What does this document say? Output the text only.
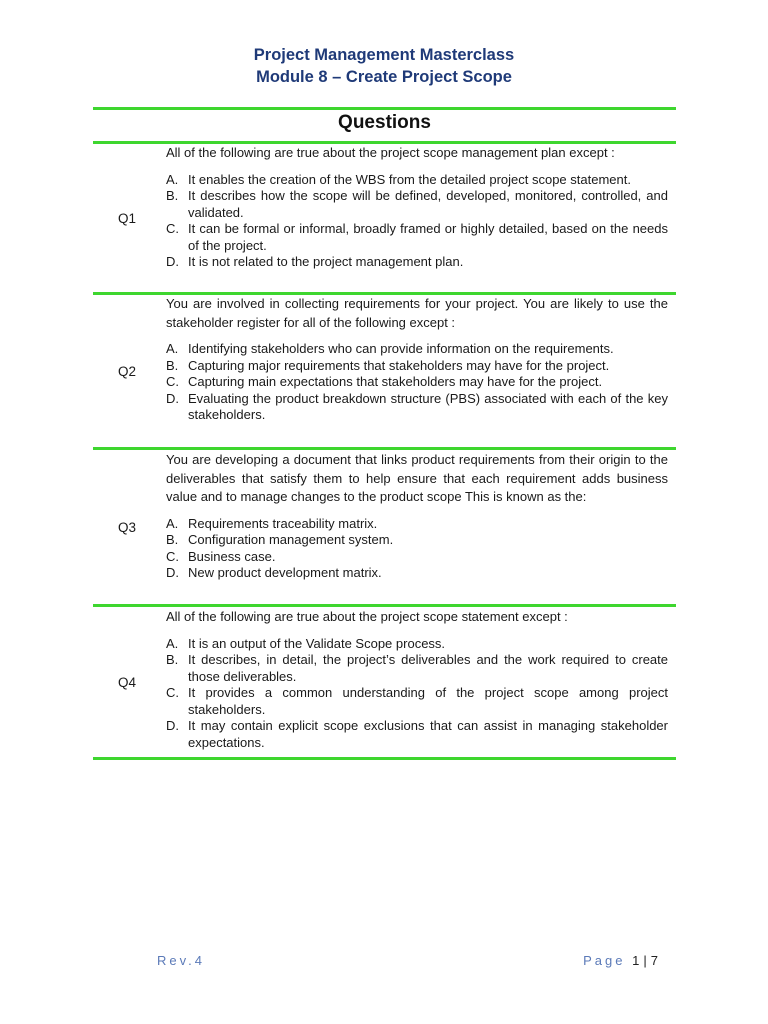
Project Management Masterclass
Module 8 – Create Project Scope
Questions
Q1

All of the following are true about the project scope management plan except :

A. It enables the creation of the WBS from the detailed project scope statement.
B. It describes how the scope will be defined, developed, monitored, controlled, and validated.
C. It can be formal or informal, broadly framed or highly detailed, based on the needs of the project.
D. It is not related to the project management plan.
Q2

You are involved in collecting requirements for your project. You are likely to use the stakeholder register for all of the following except :

A. Identifying stakeholders who can provide information on the requirements.
B. Capturing major requirements that stakeholders may have for the project.
C. Capturing main expectations that stakeholders may have for the project.
D. Evaluating the product breakdown structure (PBS) associated with each of the key stakeholders.
Q3

You are developing a document that links product requirements from their origin to the deliverables that satisfy them to help ensure that each requirement adds business value and to manage changes to the product scope This is known as the:

A. Requirements traceability matrix.
B. Configuration management system.
C. Business case.
D. New product development matrix.
Q4

All of the following are true about the project scope statement except :

A. It is an output of the Validate Scope process.
B. It describes, in detail, the project’s deliverables and the work required to create those deliverables.
C. It provides a common understanding of the project scope among project stakeholders.
D. It may contain explicit scope exclusions that can assist in managing stakeholder expectations.
Rev.4	Page 1 | 7
